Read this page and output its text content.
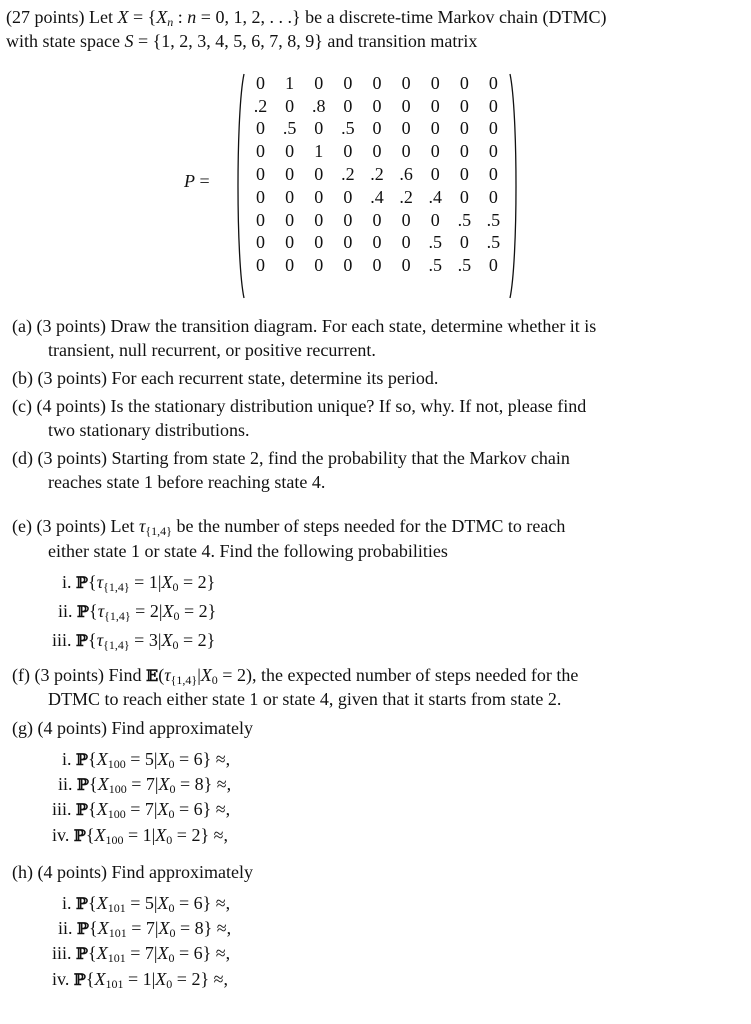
(27 points) Let $X = \{X_n$ : n = 0, 1, 2, . . .} be a discrete-time Markov chain (DTMC)
with state space S = {1, 2, 3, 4, 5, 6, 7, 8, 9} and transition matrix
P =
0	1	0	0	0	0	0	0	0
.2 0 .8 0	0	0	0	0	0
0 .5 0 .5 0	0	0	0	0
0	0	1	0	0	0	0	0	0
0	0	0 .2 .2 .6 0	0	0
0	0	0	0 .4 .2 .4 0	0
0	0	0	0	0	0	0 .5 .5
0	0	0	0	0	0 .5 0 .5
0	0	0	0	0	0 .5 .5 0
(a) (3 points) Draw the transition diagram. For each state, determine whether it is
transient, null recurrent, or positive recurrent.
(b) (3 points) For each recurrent state, determine its period.
(c) (4 points) Is the stationary distribution unique? If so, why. If not, please find
two stationary distributions.
(d) (3 points) Starting from state 2, find the probability that the Markov chain
reaches state 1 before reaching state 4.
(e) (3 points) Let $\tau_{\{1,4\}}$ be the number of steps needed for the DTMC to reach
either state 1 or state 4. Find the following probabilities
i. $ℙ\{\tau_{\{1,4\}} = 1|X_0 = 2\}$
ii. $ℙ\{\tau_{\{1,4\}} = 2|X_0 = 2\}$
iii. $ℙ\{\tau_{\{1,4\}} = 3|X_0 = 2\}$
(f) (3 points) Find $𝔼(\tau_{\{1,4\}}|X_0 = 2)$, the expected number of steps needed for the
DTMC to reach either state 1 or state 4, given that it starts from state 2.
(g) (4 points) Find approximately
i. $ℙ\{X_{100} = 5|X_0 = 6\}$ ≈,
ii. $ℙ\{X_{100} = 7|X_0 = 8\}$ ≈,
iii. $ℙ\{X_{100} = 7|X_0 = 6\}$ ≈,
iv. $ℙ\{X_{100} = 1|X_0 = 2\}$ ≈,
(h) (4 points) Find approximately
i. $ℙ\{X_{101} = 5|X_0 = 6\}$ ≈,
ii. $ℙ\{X_{101} = 7|X_0 = 8\}$ ≈,
iii. $ℙ\{X_{101} = 7|X_0 = 6\}$ ≈,
iv. $ℙ\{X_{101} = 1|X_0 = 2\}$ ≈,
